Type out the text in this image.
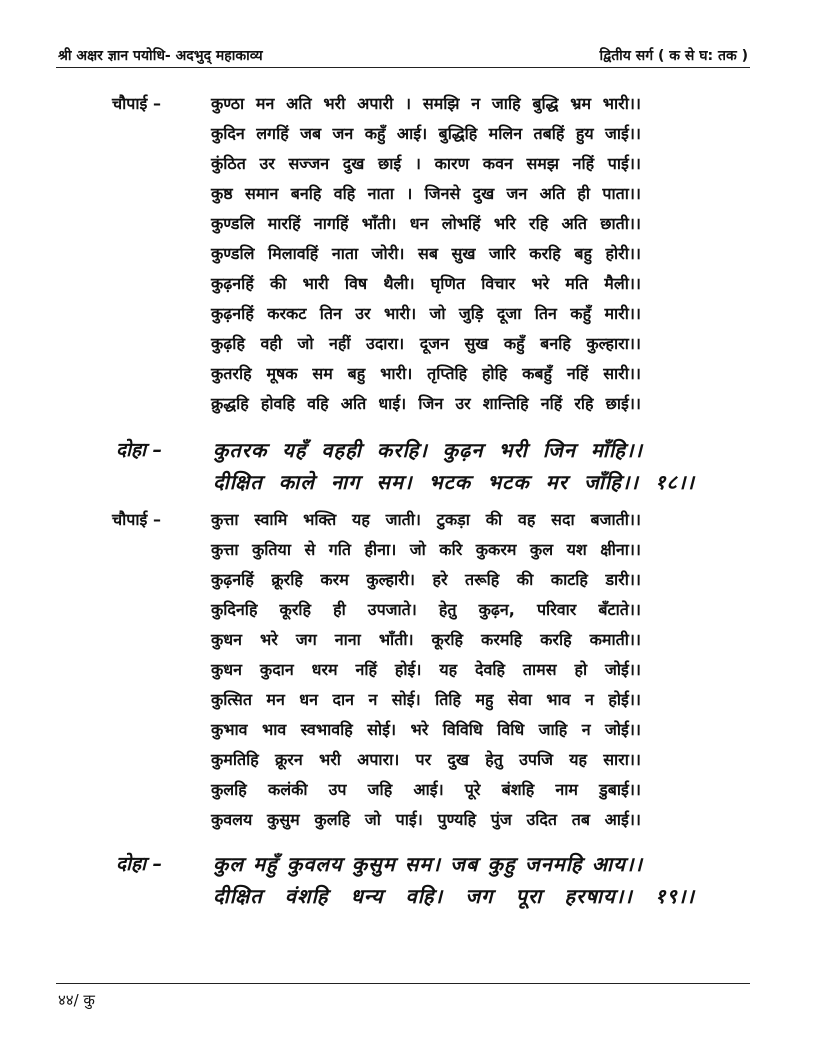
श्री अक्षर ज्ञान पयोधि- अदभुद् महाकाव्य	द्वितीय सर्ग ( क से घ: तक )
चौपाई –	कुण्ठा मन अति भरी अपारी । समझि न जाहि बुद्धि भ्रम भारी।।
कुदिन लगहिं जब जन कहुँ आई। बुद्धिहि मलिन तबहिं हुय जाई।।
कुंठित उर सज्जन दुख छाई । कारण कवन समझ नहिं पाई।।
कुष्ठ समान बनहि वहि नाता । जिनसे दुख जन अति ही पाता।।
कुण्डलि मारहिं नागहिं भाँती। धन लोभहिं भरि रहि अति छाती।।
कुण्डलि मिलावहिं नाता जोरी। सब सुख जारि करहि बहु होरी।।
कुढ़नहिं की भारी विष थैली। घृणित विचार भरे मति मैली।।
कुढ़नहिं करकट तिन उर भारी। जो जुड़ि दूजा तिन कहुँ मारी।।
कुढ़हि वही जो नहीं उदारा। दूजन सुख कहुँ बनहि कुल्हारा।।
कुतरहि मूषक सम बहु भारी। तृप्तिहि होहि कबहुँ नहिं सारी।।
क्रुद्धहि होवहि वहि अति धाई। जिन उर शान्तिहि नहिं रहि छाई।।
दोहा –	कुतरक यहँ वहही करहि। कुढ़न भरी जिन माँहि।।
दीक्षित काले नाग सम। भटक भटक मर जाँहि।। १८।।
चौपाई –	कुत्ता स्वामि भक्ति यह जाती। टुकड़ा की वह सदा बजाती।।
कुत्ता कुतिया से गति हीना। जो करि कुकरम कुल यश क्षीना।।
कुढ़नहिं क्रूरहि करम कुल्हारी। हरे तरूहि की काटहि डारी।।
कुदिनहि कूरहि ही उपजाते। हेतु कुढ़न, परिवार बँटाते।।
कुधन भरे जग नाना भाँती। कूरहि करमहि करहि कमाती।।
कुधन कुदान धरम नहिं होई। यह देवहि तामस हो जोई।।
कुत्सित मन धन दान न सोई। तिहि महु सेवा भाव न होई।।
कुभाव भाव स्वभावहि सोई। भरे विविधि विधि जाहि न जोई।।
कुमतिहि क्रूरन भरी अपारा। पर दुख हेतु उपजि यह सारा।।
कुलहि कलंकी उप जहि आई। पूरे बंशहि नाम डुबाई।।
कुवलय कुसुम कुलहि जो पाई। पुण्यहि पुंज उदित तब आई।।
दोहा –	कुल महुँ कुवलय कुसुम सम। जब कुहु जनमहि आय।।
दीक्षित वंशहि धन्य वहि। जग पूरा हरषाय।। १९।।
४४/ कु
